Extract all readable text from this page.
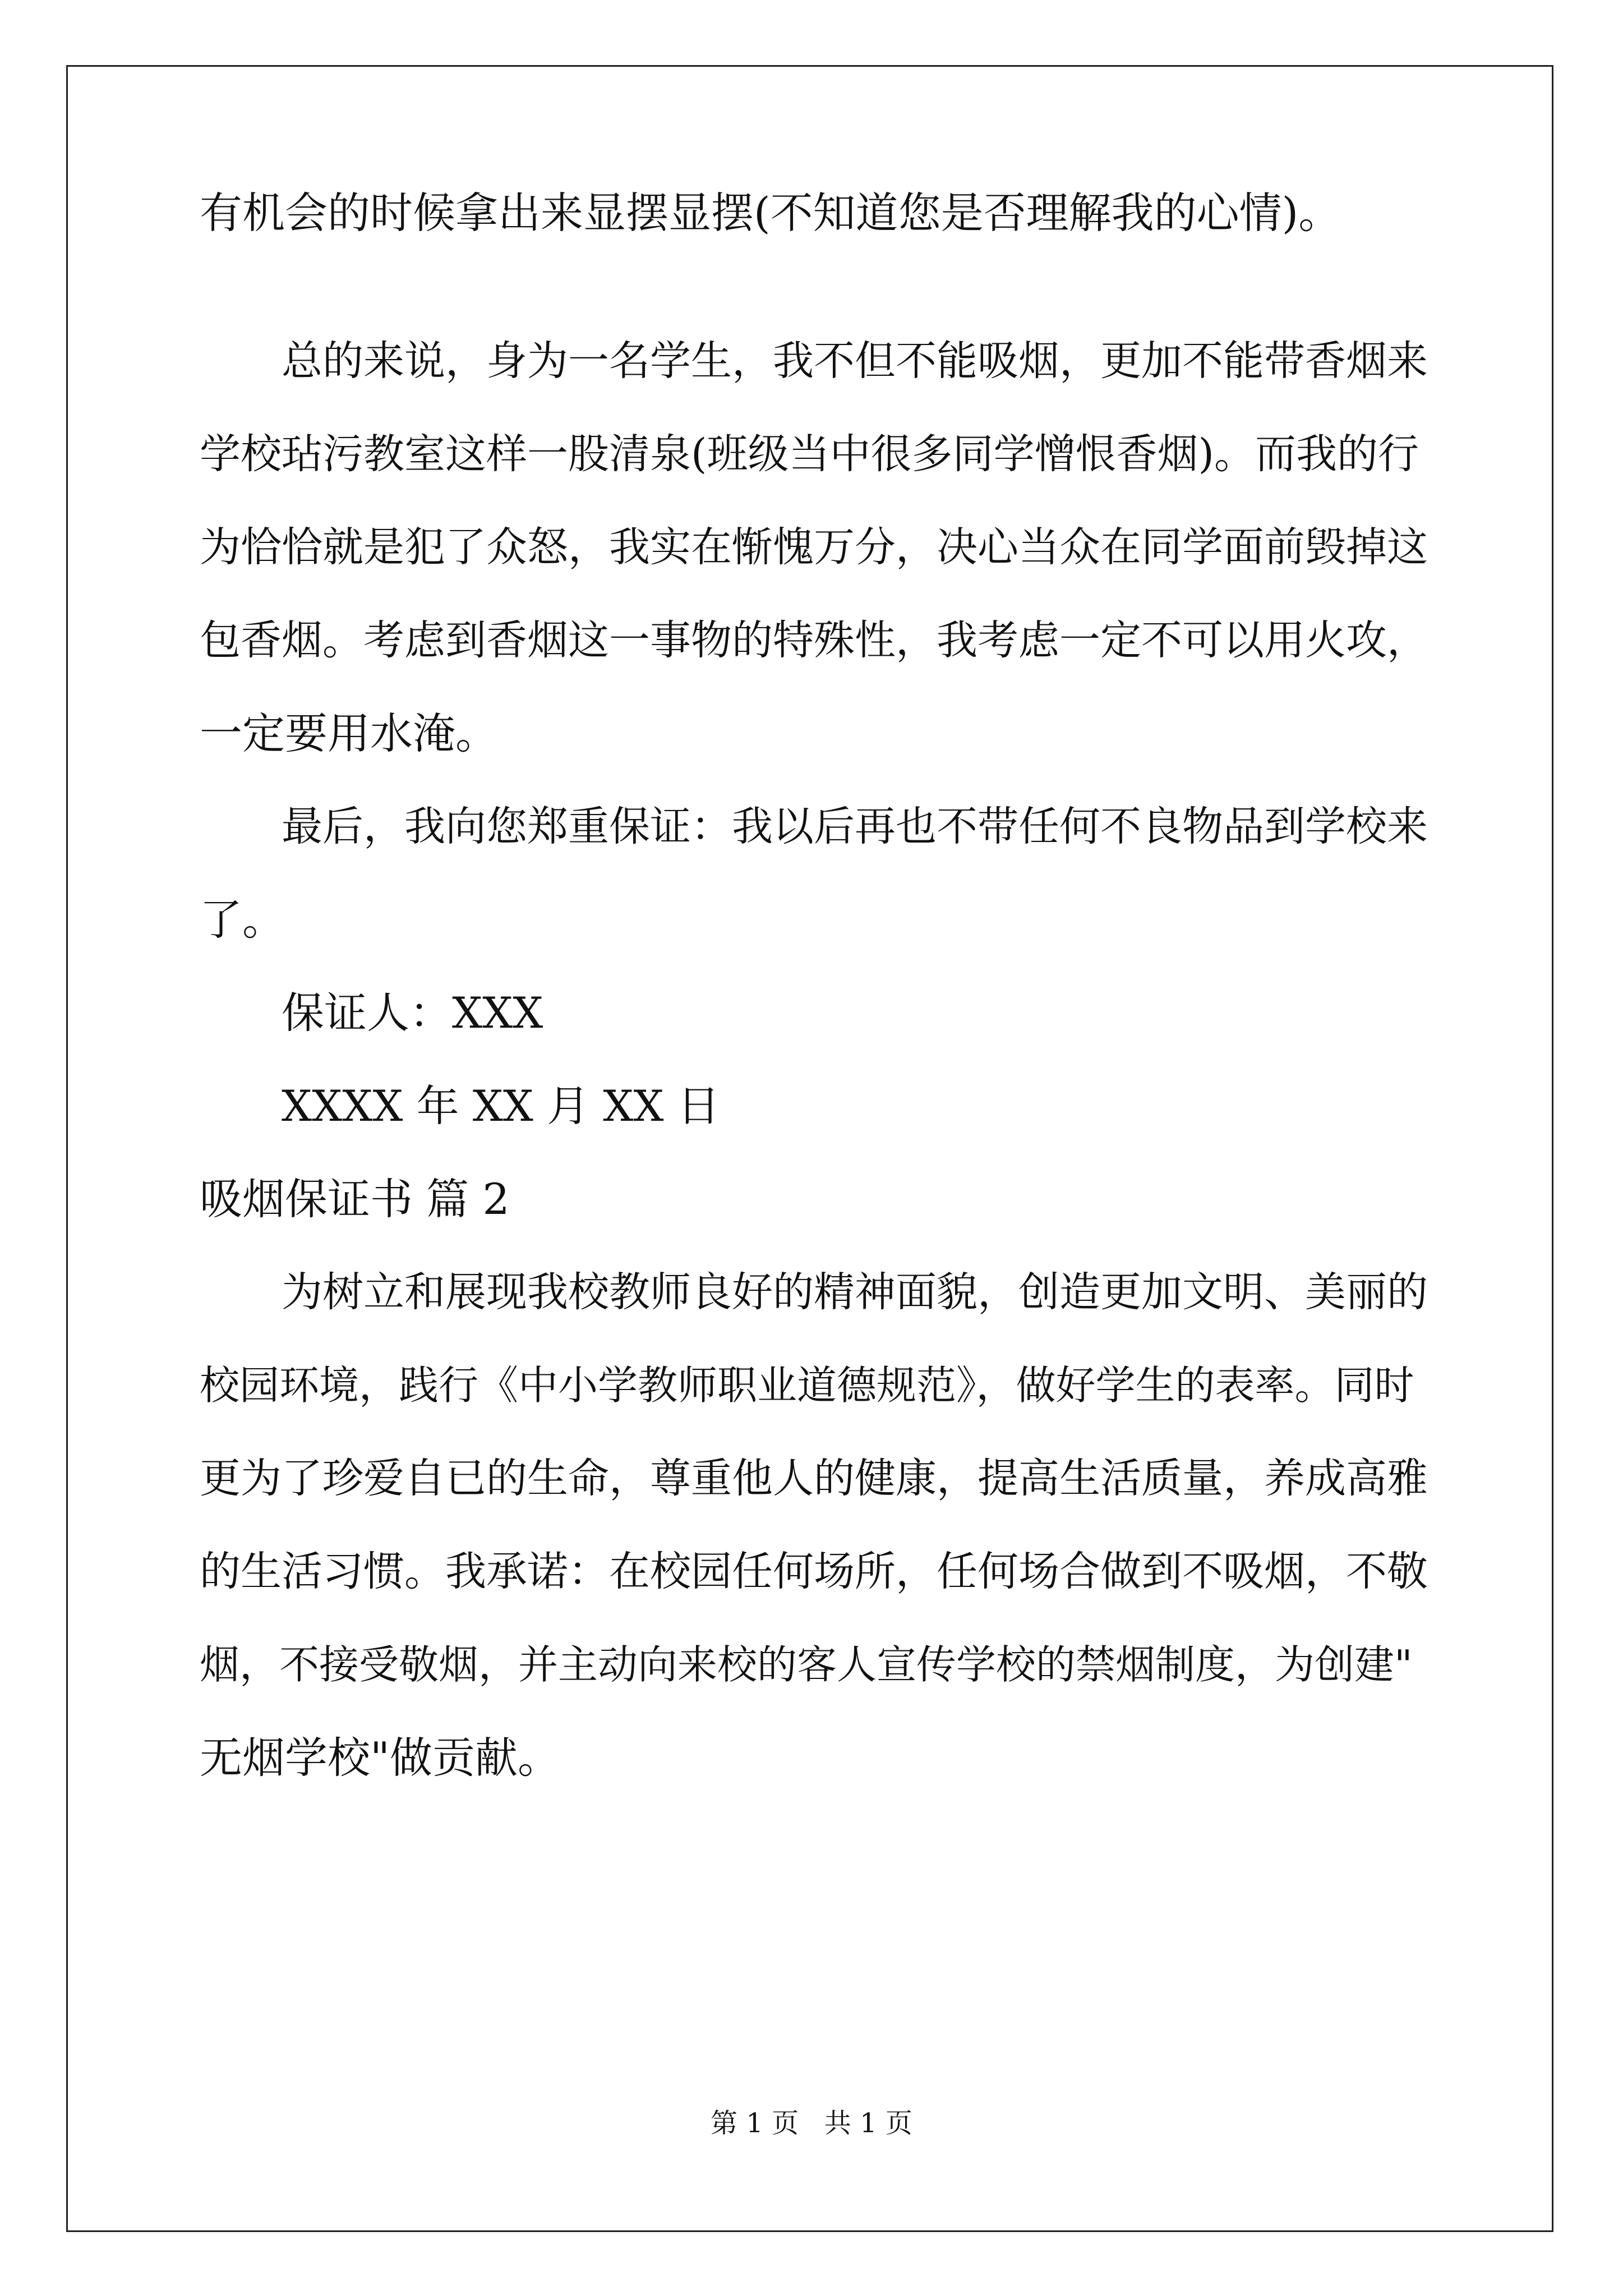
有机会的时候拿出来显摆显摆(不知道您是否理解我的心情)。
总的来说，身为一名学生，我不但不能吸烟，更加不能带香烟来
学校玷污教室这样一股清泉(班级当中很多同学憎恨香烟)。而我的行
为恰恰就是犯了众怒，我实在惭愧万分，决心当众在同学面前毁掉这
包香烟。考虑到香烟这一事物的特殊性，我考虑一定不可以用火攻，
一定要用水淹。
最后，我向您郑重保证：我以后再也不带任何不良物品到学校来
了。
保证人：XXX
XXXX 年 XX 月 XX 日
吸烟保证书 篇 2
为树立和展现我校教师良好的精神面貌，创造更加文明、美丽的
校园环境，践行《中小学教师职业道德规范》，做好学生的表率。同时
更为了珍爱自已的生命，尊重他人的健康，提高生活质量，养成高雅
的生活习惯。我承诺：在校园任何场所，任何场合做到不吸烟，不敬
烟，不接受敬烟，并主动向来校的客人宣传学校的禁烟制度，为创建"
无烟学校"做贡献。
第 1 页   共 1 页
